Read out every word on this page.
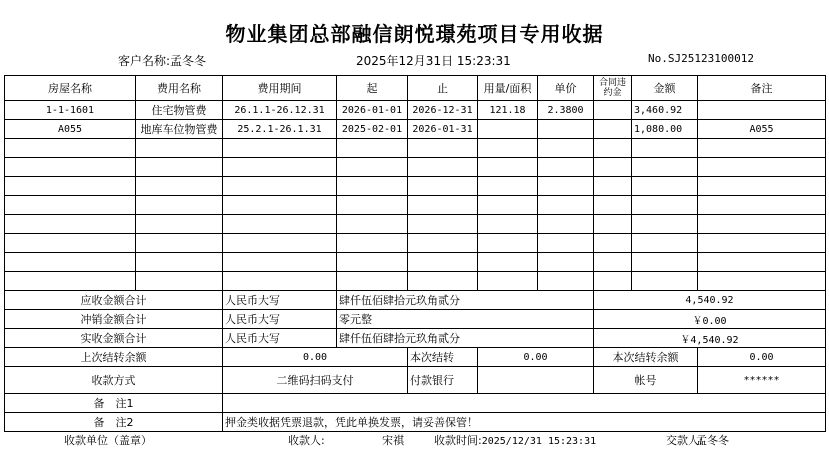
物业集团总部融信朗悦璟苑项目专用收据
客户名称:孟冬冬	2025年12月31日 15:23:31	No.SJ25123100012
房屋名称	费用名称	费用期间	起	止	用量/面积	单价	合同违约金	金额	备注
1-1-1601	住宅物管费	26.1.1-26.12.31	2026-01-01	2026-12-31	121.18	2.3800		3,460.92	
A055	地库车位物管费	25.2.1-26.1.31	2025-02-01	2026-01-31				1,080.00	A055

应收金额合计		人民币大写	肆仟伍佰肆拾元玖角贰分				4,540.92		
冲销金额合计		人民币大写	零元整				￥0.00		
实收金额合计		人民币大写	肆仟伍佰肆拾元玖角贰分				￥4,540.92		
上次结转余额		0.00		本次结转	0.00		本次结转余额		0.00
收款方式		二维码扫码支付		付款银行			帐号		******
备　注1									
备　注2		押金类收据凭票退款，凭此单换发票，请妥善保管！							
收款单位（盖章）	收款人:	宋祺	收款时间:2025/12/31 15:23:31	交款人:
孟冬冬
